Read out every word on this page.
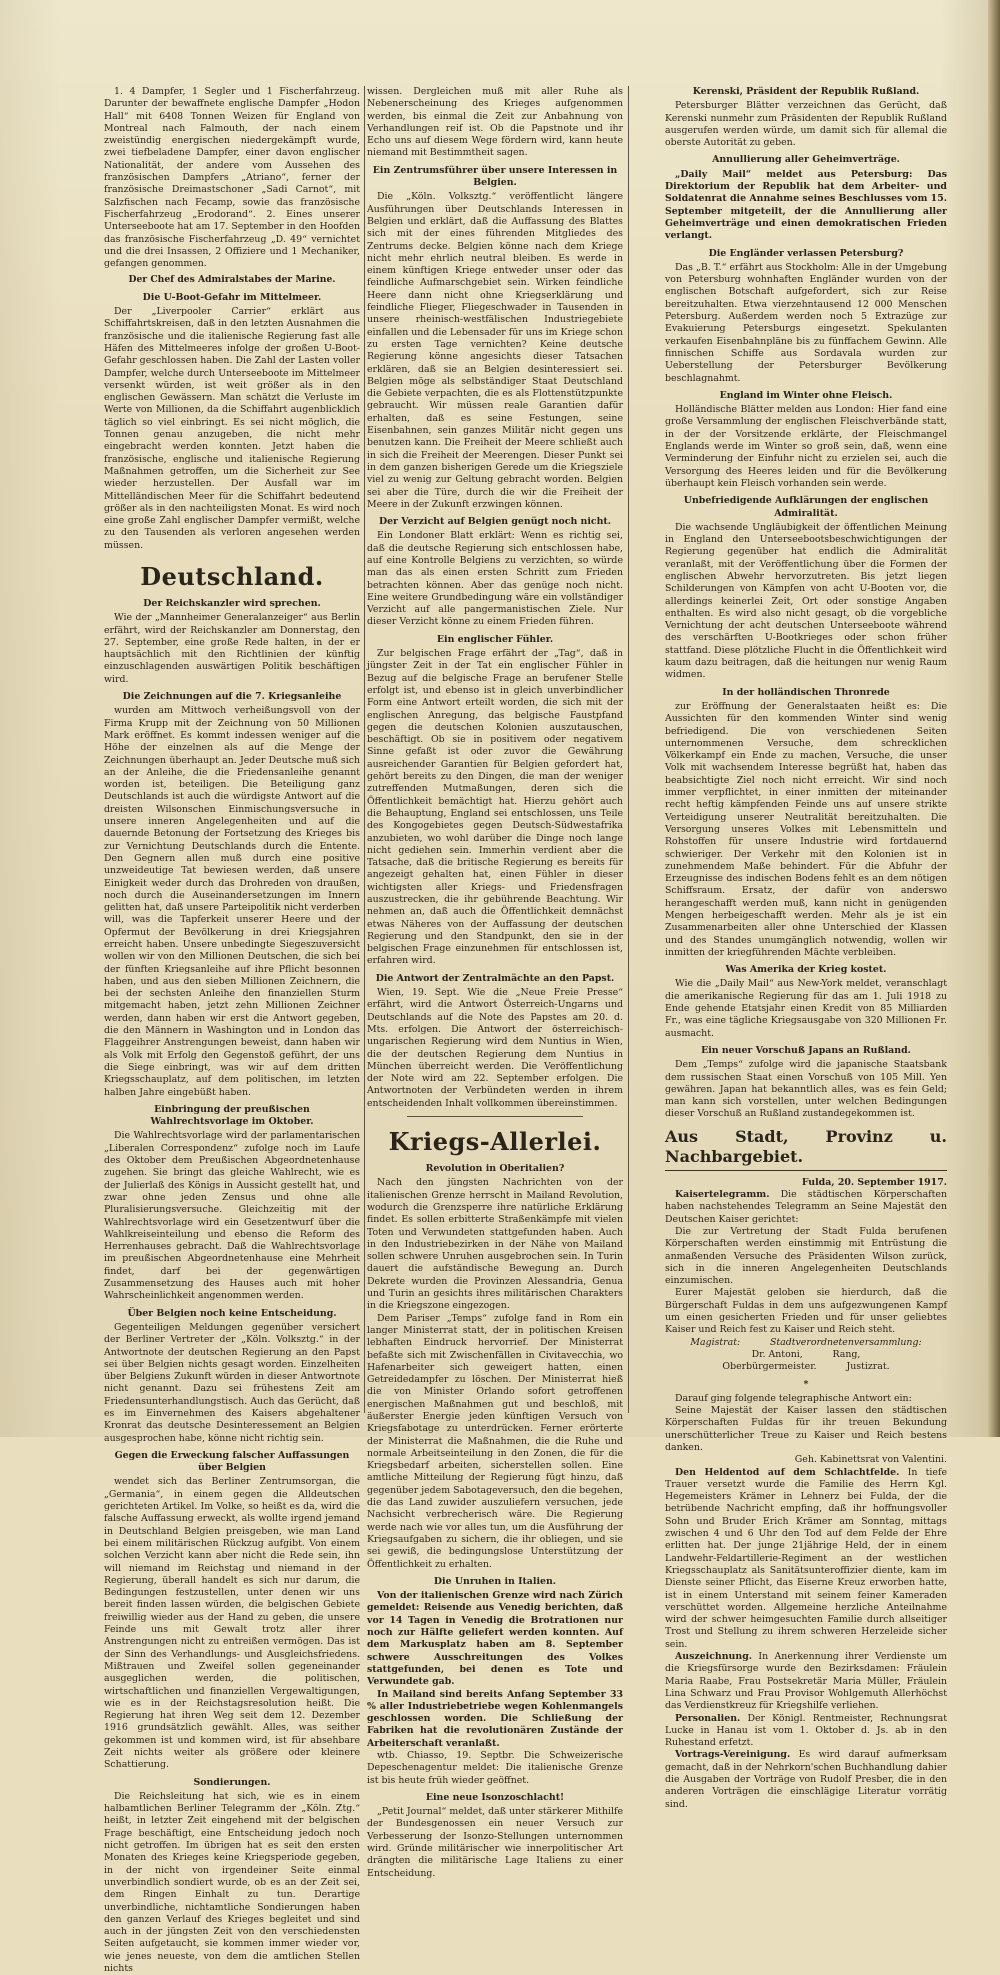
1. 4 Dampfer, 1 Segler und 1 Fischerfahrzeug. Darunter der bewaffnete englische Dampfer „Hodon Hall“ mit 6408 Tonnen Weizen für England von Montreal nach Falmouth, der nach einem zweistündig energischen niedergekämpft wurde, zwei tiefbeladene Dampfer, einer davon englischer Nationalität, der andere vom Aussehen des französischen Dampfers „Atriano“, ferner der französische Dreimastschoner „Sadi Carnot“, mit Salzfischen nach Fecamp, sowie das französische Fischerfahrzeug „Erodorand“. 2. Eines unserer Unterseeboote hat am 17. September in den Hoofden das französische Fischerfahrzeug „D. 49“ vernichtet und die drei Insassen, 2 Offiziere und 1 Mechaniker, gefangen genommen.

Der Chef des Admiralstabes der Marine.
Die U-Boot-Gefahr im Mittelmeer.

Der „Liverpooler Carrier“ erklärt aus Schiffahrtskreisen, daß in den letzten Ausnahmen die französische und die italienische Regierung fast alle Häfen des Mittelmeeres infolge der großen U-Boot-Gefahr geschlossen haben. Die Zahl der Lasten voller Dampfer, welche durch Unterseeboote im Mittelmeer versenkt würden, ist weit größer als in den englischen Gewässern. Man schätzt die Verluste im Werte von Millionen, da die Schiffahrt augenblicklich täglich so viel einbringt. Es sei nicht möglich, die Tonnen genau anzugeben, die nicht mehr eingebracht werden konnten. Jetzt haben die französische, englische und italienische Regierung Maßnahmen getroffen, um die Sicherheit zur See wieder herzustellen. Der Ausfall war im Mittelländischen Meer für die Schiffahrt bedeutend größer als in den nachteiligsten Monat. Es wird noch eine große Zahl englischer Dampfer vermißt, welche zu den Tausenden als verloren angesehen werden müssen.

Deutschland.
Der Reichskanzler wird sprechen.

Wie der „Mannheimer Generalanzeiger“ aus Berlin erfährt, wird der Reichskanzler am Donnerstag, den 27. September, eine große Rede halten, in der er hauptsächlich mit den Richtlinien der künftig einzuschlagenden auswärtigen Politik beschäftigen wird.

Die Zeichnungen auf die 7. Kriegsanleihe

wurden am Mittwoch verheißungsvoll von der Firma Krupp mit der Zeichnung von 50 Millionen Mark eröffnet. Es kommt indessen weniger auf die Höhe der einzelnen als auf die Menge der Zeichnungen überhaupt an. Jeder Deutsche muß sich an der Anleihe, die die Friedensanleihe genannt worden ist, beteiligen. Die Beteiligung ganz Deutschlands ist auch die würdigste Antwort auf die dreisten Wilsonschen Einmischungsversuche in unsere inneren Angelegenheiten und auf die dauernde Betonung der Fortsetzung des Krieges bis zur Vernichtung Deutschlands durch die Entente. Den Gegnern allen muß durch eine positive unzweideutige Tat bewiesen werden, daß unsere Einigkeit weder durch das Drohreden von draußen, noch durch die Auseinandersetzungen im Innern gelitten hat, daß unsere Parteipolitik nicht verderben will, was die Tapferkeit unserer Heere und der Opfermut der Bevölkerung in drei Kriegsjahren erreicht haben. Unsere unbedingte Siegeszuversicht wollen wir von den Millionen Deutschen, die sich bei der fünften Kriegsanleihe auf ihre Pflicht besonnen haben, und aus den sieben Millionen Zeichnern, die bei der sechsten Anleihe den finanziellen Sturm mitgemacht haben, jetzt zehn Millionen Zeichner werden, dann haben wir erst die Antwort gegeben, die den Männern in Washington und in London das Flaggeihrer Anstrengungen beweist, dann haben wir als Volk mit Erfolg den Gegenstoß geführt, der uns die Siege einbringt, was wir auf dem dritten Kriegsschauplatz, auf dem politischen, im letzten halben Jahre eingebüßt haben.

Einbringung der preußischen Wahlrechtsvorlage im Oktober.

Die Wahlrechtsvorlage wird der parlamentarischen „Liberalen Correspondenz“ zufolge noch im Laufe des Oktober dem Preußischen Abgeordnetenhause zugehen. Sie bringt das gleiche Wahlrecht, wie es der Julierlaß des Königs in Aussicht gestellt hat, und zwar ohne jeden Zensus und ohne alle Pluralisierungsversuche. Gleichzeitig mit der Wahlrechtsvorlage wird ein Gesetzentwurf über die Wahlkreiseinteilung und ebenso die Reform des Herrenhauses gebracht. Daß die Wahlrechtsvorlage im preußischen Abgeordnetenhause eine Mehrheit findet, darf bei der gegenwärtigen Zusammensetzung des Hauses auch mit hoher Wahrscheinlichkeit angenommen werden.

Über Belgien noch keine Entscheidung.

Gegenteiligen Meldungen gegenüber versichert der Berliner Vertreter der „Köln. Volksztg.“ in der Antwortnote der deutschen Regierung an den Papst sei über Belgien nichts gesagt worden. Einzelheiten über Belgiens Zukunft würden in dieser Antwortnote nicht genannt. Dazu sei frühestens Zeit am Friedensunterhandlungstisch. Auch das Gerücht, daß es im Einvernehmen des Kaisers abgehaltener Kronrat das deutsche Desinteressement an Belgien ausgesprochen habe, könne nicht richtig sein.

Gegen die Erweckung falscher Auffassungen über Belgien

wendet sich das Berliner Zentrumsorgan, die „Germania“, in einem gegen die Alldeutschen gerichteten Artikel. Im Volke, so heißt es da, wird die falsche Auffassung erweckt, als wollte irgend jemand in Deutschland Belgien preisgeben, wie man Land bei einem militärischen Rückzug aufgibt. Von einem solchen Verzicht kann aber nicht die Rede sein, ihn will niemand im Reichstag und niemand in der Regierung, überall handelt es sich nur darum, die Bedingungen festzustellen, unter denen wir uns bereit finden lassen würden, die belgischen Gebiete freiwillig wieder aus der Hand zu geben, die unsere Feinde uns mit Gewalt trotz aller ihrer Anstrengungen nicht zu entreißen vermögen. Das ist der Sinn des Verhandlungs- und Ausgleichsfriedens. Mißtrauen und Zweifel sollen gegeneinander ausgeglichen werden, die politischen, wirtschaftlichen und finanziellen Vergewaltigungen, wie es in der Reichstagsresolution heißt. Die Regierung hat ihren Weg seit dem 12. Dezember 1916 grundsätzlich gewählt. Alles, was seither gekommen ist und kommen wird, ist für absehbare Zeit nichts weiter als größere oder kleinere Schattierung.

Sondierungen.

Die Reichsleitung hat sich, wie es in einem halbamtlichen Berliner Telegramm der „Köln. Ztg.“ heißt, in letzter Zeit eingehend mit der belgischen Frage beschäftigt, eine Entscheidung jedoch noch nicht getroffen. Im übrigen hat es seit den ersten Monaten des Krieges keine Kriegsperiode gegeben, in der nicht von irgendeiner Seite einmal unverbindlich sondiert wurde, ob es an der Zeit sei, dem Ringen Einhalt zu tun. Derartige unverbindliche, nichtamtliche Sondierungen haben den ganzen Verlauf des Krieges begleitet und sind auch in der jüngsten Zeit von den verschiedensten Seiten aufgetaucht, sie kommen immer wieder vor, wie jenes neueste, von dem die amtlichen Stellen nichts

wissen. Dergleichen muß mit aller Ruhe als Nebenerscheinung des Krieges aufgenommen werden, bis einmal die Zeit zur Anbahnung von Verhandlungen reif ist. Ob die Papstnote und ihr Echo uns auf diesem Wege fördern wird, kann heute niemand mit Bestimmtheit sagen.

Ein Zentrumsführer über unsere Interessen in Belgien.

Die „Köln. Volksztg.“ veröffentlicht längere Ausführungen über Deutschlands Interessen in Belgien und erklärt, daß die Auffassung des Blattes sich mit der eines führenden Mitgliedes des Zentrums decke. Belgien könne nach dem Kriege nicht mehr ehrlich neutral bleiben. Es werde in einem künftigen Kriege entweder unser oder das feindliche Aufmarschgebiet sein. Wirken feindliche Heere dann nicht ohne Kriegserklärung und feindliche Flieger, Fliegeschwader in Tausenden in unsere rheinisch-westfälischen Industriegebiete einfallen und die Lebensader für uns im Kriege schon zu ersten Tage vernichten? Keine deutsche Regierung könne angesichts dieser Tatsachen erklären, daß sie an Belgien desinteressiert sei. Belgien möge als selbständiger Staat Deutschland die Gebiete verpachten, die es als Flottenstützpunkte gebraucht. Wir müssen reale Garantien dafür erhalten, daß es seine Festungen, seine Eisenbahnen, sein ganzes Militär nicht gegen uns benutzen kann. Die Freiheit der Meere schließt auch in sich die Freiheit der Meerengen. Dieser Punkt sei in dem ganzen bisherigen Gerede um die Kriegsziele viel zu wenig zur Geltung gebracht worden. Belgien sei aber die Türe, durch die wir die Freiheit der Meere in der Zukunft erzwingen können.

Der Verzicht auf Belgien genügt noch nicht.

Ein Londoner Blatt erklärt: Wenn es richtig sei, daß die deutsche Regierung sich entschlossen habe, auf eine Kontrolle Belgiens zu verzichten, so würde man das als einen ersten Schritt zum Frieden betrachten können. Aber das genüge noch nicht. Eine weitere Grundbedingung wäre ein vollständiger Verzicht auf alle pangermanistischen Ziele. Nur dieser Verzicht könne zu einem Frieden führen.

Ein englischer Fühler.

Zur belgischen Frage erfährt der „Tag“, daß in jüngster Zeit in der Tat ein englischer Fühler in Bezug auf die belgische Frage an berufener Stelle erfolgt ist, und ebenso ist in gleich unverbindlicher Form eine Antwort erteilt worden, die sich mit der englischen Anregung, das belgische Faustpfand gegen die deutschen Kolonien auszutauschen, beschäftigt. Ob sie in positivem oder negativem Sinne gefaßt ist oder zuvor die Gewährung ausreichender Garantien für Belgien gefordert hat, gehört bereits zu den Dingen, die man der weniger zutreffenden Mutmaßungen, deren sich die Öffentlichkeit bemächtigt hat. Hierzu gehört auch die Behauptung, England sei entschlossen, uns Teile des Kongogebietes gegen Deutsch-Südwestafrika anzubieten, wo wohl darüber die Dinge noch lange nicht gediehen sein. Immerhin verdient aber die Tatsache, daß die britische Regierung es bereits für angezeigt gehalten hat, einen Fühler in dieser wichtigsten aller Kriegs- und Friedensfragen auszustrecken, die ihr gebührende Beachtung. Wir nehmen an, daß auch die Öffentlichkeit demnächst etwas Näheres von der Auffassung der deutschen Regierung und den Standpunkt, den sie in der belgischen Frage einzunehmen für entschlossen ist, erfahren wird.

Die Antwort der Zentralmächte an den Papst.

Wien, 19. Sept. Wie die „Neue Freie Presse“ erfährt, wird die Antwort Österreich-Ungarns und Deutschlands auf die Note des Papstes am 20. d. Mts. erfolgen. Die Antwort der österreichisch-ungarischen Regierung wird dem Nuntius in Wien, die der deutschen Regierung dem Nuntius in München überreicht werden. Die Veröffentlichung der Note wird am 22. September erfolgen. Die Antwortnoten der Verbündeten werden in ihrem entscheidenden Inhalt vollkommen übereinstimmen.

Kriegs-Allerlei.
Revolution in Oberitalien?

Nach den jüngsten Nachrichten von der italienischen Grenze herrscht in Mailand Revolution, wodurch die Grenzsperre ihre natürliche Erklärung findet. Es sollen erbitterte Straßenkämpfe mit vielen Toten und Verwundeten stattgefunden haben. Auch in den Industriebezirken in der Nähe von Mailand sollen schwere Unruhen ausgebrochen sein. In Turin dauert die aufständische Bewegung an. Durch Dekrete wurden die Provinzen Alessandria, Genua und Turin an gesichts ihres militärischen Charakters in die Kriegszone eingezogen.

Dem Pariser „Temps“ zufolge fand in Rom ein langer Ministerrat statt, der in politischen Kreisen lebhaften Eindruck hervorrief. Der Ministerrat befaßte sich mit Zwischenfällen in Civitavecchia, wo Hafenarbeiter sich geweigert hatten, einen Getreidedampfer zu löschen. Der Ministerrat hieß die von Minister Orlando sofort getroffenen energischen Maßnahmen gut und beschloß, mit äußerster Energie jeden künftigen Versuch von Kriegsfabotage zu unterdrücken. Ferner erörterte der Ministerrat die Maßnahmen, die die Ruhe und normale Arbeitseinteilung in den Zonen, die für die Kriegsbedarf arbeiten, sicherstellen sollen. Eine amtliche Mitteilung der Regierung fügt hinzu, daß gegenüber jedem Sabotageversuch, den die begehen, die das Land zuwider auszuliefern versuchen, jede Nachsicht verbrecherisch wäre. Die Regierung werde nach wie vor alles tun, um die Ausführung der Kriegsaufgaben zu sichern, die ihr obliegen, und sie sei gewiß, die bedingungslose Unterstützung der Öffentlichkeit zu erhalten.

Die Unruhen in Italien.

Von der italienischen Grenze wird nach Zürich gemeldet: Reisende aus Venedig berichten, daß vor 14 Tagen in Venedig die Brotrationen nur noch zur Hälfte geliefert werden konnten. Auf dem Markusplatz haben am 8. September schwere Ausschreitungen des Volkes stattgefunden, bei denen es Tote und Verwundete gab.

In Mailand sind bereits Anfang September 33 % aller Industriebetriebe wegen Kohlenmangels geschlossen worden. Die Schließung der Fabriken hat die revolutionären Zustände der Arbeiterschaft veranlaßt.

wtb. Chiasso, 19. Septbr. Die Schweizerische Depeschenagentur meldet: Die italienische Grenze ist bis heute früh wieder geöffnet.

Eine neue Isonzoschlacht!

„Petit Journal“ meldet, daß unter stärkerer Mithilfe der Bundesgenossen ein neuer Versuch zur Verbesserung der Isonzo-Stellungen unternommen wird. Gründe militärischer wie innerpolitischer Art drängten die militärische Lage Italiens zu einer Entscheidung.

Kerenski, Präsident der Republik Rußland.

Petersburger Blätter verzeichnen das Gerücht, daß Kerenski nunmehr zum Präsidenten der Republik Rußland ausgerufen werden würde, um damit sich für allemal die oberste Autorität zu geben.

Annullierung aller Geheimverträge.

„Daily Mail“ meldet aus Petersburg: Das Direktorium der Republik hat dem Arbeiter- und Soldatenrat die Annahme seines Beschlusses vom 15. September mitgeteilt, der die Annullierung aller Geheimverträge und einen demokratischen Frieden verlangt.

Die Engländer verlassen Petersburg?

Das „B. T.“ erfährt aus Stockholm: Alle in der Umgebung von Petersburg wohnhaften Engländer wurden von der englischen Botschaft aufgefordert, sich zur Reise bereitzuhalten. Etwa vierzehntausend 12 000 Menschen Petersburg. Außerdem werden noch 5 Extrazüge zur Evakuierung Petersburgs eingesetzt. Spekulanten verkaufen Eisenbahnpläne bis zu fünffachem Gewinn. Alle finnischen Schiffe aus Sordavala wurden zur Ueberstellung der Petersburger Bevölkerung beschlagnahmt.

England im Winter ohne Fleisch.

Holländische Blätter melden aus London: Hier fand eine große Versammlung der englischen Fleischverbände statt, in der der Vorsitzende erklärte, der Fleischmangel Englands werde im Winter so groß sein, daß, wenn eine Verminderung der Einfuhr nicht zu erzielen sei, auch die Versorgung des Heeres leiden und für die Bevölkerung überhaupt kein Fleisch vorhanden sein werde.

Unbefriedigende Aufklärungen der englischen Admiralität.

Die wachsende Ungläubigkeit der öffentlichen Meinung in England den Unterseebootsbeschwichtigungen der Regierung gegenüber hat endlich die Admiralität veranlaßt, mit der Veröffentlichung über die Formen der englischen Abwehr hervorzutreten. Bis jetzt liegen Schilderungen von Kämpfen von acht U-Booten vor, die allerdings keinerlei Zeit, Ort oder sonstige Angaben enthalten. Es wird also nicht gesagt, ob die vorgebliche Vernichtung der acht deutschen Unterseeboote während des verschärften U-Bootkrieges oder schon früher stattfand. Diese plötzliche Flucht in die Öffentlichkeit wird kaum dazu beitragen, daß die heitungen nur wenig Raum widmen.

In der holländischen Thronrede

zur Eröffnung der Generalstaaten heißt es: Die Aussichten für den kommenden Winter sind wenig befriedigend. Die von verschiedenen Seiten unternommenen Versuche, dem schrecklichen Völkerkampf ein Ende zu machen, Versuche, die unser Volk mit wachsendem Interesse begrüßt hat, haben das beabsichtigte Ziel noch nicht erreicht. Wir sind noch immer verpflichtet, in einer inmitten der miteinander recht heftig kämpfenden Feinde uns auf unsere strikte Verteidigung unserer Neutralität bereitzuhalten. Die Versorgung unseres Volkes mit Lebensmitteln und Rohstoffen für unsere Industrie wird fortdauernd schwieriger. Der Verkehr mit den Kolonien ist in zunehmendem Maße behindert. Für die Abfuhr der Erzeugnisse des indischen Bodens fehlt es an dem nötigen Schiffsraum. Ersatz, der dafür von anderswo herangeschafft werden muß, kann nicht in genügenden Mengen herbeigeschafft werden. Mehr als je ist ein Zusammenarbeiten aller ohne Unterschied der Klassen und des Standes unumgänglich notwendig, wollen wir inmitten der kriegführenden Mächte verbleiben.

Was Amerika der Krieg kostet.

Wie die „Daily Mail“ aus New-York meldet, veranschlagt die amerikanische Regierung für das am 1. Juli 1918 zu Ende gehende Etatsjahr einen Kredit von 85 Milliarden Fr., was eine tägliche Kriegsausgabe von 320 Millionen Fr. ausmacht.

Ein neuer Vorschuß Japans an Rußland.

Dem „Temps“ zufolge wird die japanische Staatsbank dem russischen Staat einen Vorschuß von 105 Mill. Yen gewähren. Japan hat bekanntlich alles, was es fein Geld; man kann sich vorstellen, unter welchen Bedingungen dieser Vorschuß an Rußland zustandegekommen ist.

Aus Stadt, Provinz u. Nachbargebiet.
Fulda, 20. September 1917.

Kaisertelegramm. Die städtischen Körperschaften haben nachstehendes Telegramm an Seine Majestät den Deutschen Kaiser gerichtet:

Die zur Vertretung der Stadt Fulda berufenen Körperschaften werden einstimmig mit Entrüstung die anmaßenden Versuche des Präsidenten Wilson zurück, sich in die inneren Angelegenheiten Deutschlands einzumischen.

Eurer Majestät geloben sie hierdurch, daß die Bürgerschaft Fuldas in dem uns aufgezwungenen Kampf um einen gesicherten Frieden und für unser geliebtes Kaiser und Reich fest zu Kaiser und Reich steht.

Magistrat:          Stadtverordnetenversammlung:
Dr. Antoni,          Rang,
Oberbürgermeister.          Justizrat.
*

Darauf ging folgende telegraphische Antwort ein:

Seine Majestät der Kaiser lassen den städtischen Körperschaften Fuldas für ihr treuen Bekundung unerschütterlicher Treue zu Kaiser und Reich bestens danken.

Geh. Kabinettsrat von Valentini.

Den Heldentod auf dem Schlachtfelde. In tiefe Trauer versetzt wurde die Familie des Herrn Kgl. Hegemeisters Krämer in Lehnerz bei Fulda, der die betrübende Nachricht empfing, daß ihr hoffnungsvoller Sohn und Bruder Erich Krämer am Sonntag, mittags zwischen 4 und 6 Uhr den Tod auf dem Felde der Ehre erlitten hat. Der junge 21jährige Held, der in einem Landwehr-Feldartillerie-Regiment an der westlichen Kriegsschauplatz als Sanitätsunteroffizier diente, kam im Dienste seiner Pflicht, das Eiserne Kreuz erworben hatte, ist in einem Unterstand mit seinem feiner Kameraden verschüttet worden. Allgemeine herzliche Anteilnahme wird der schwer heimgesuchten Familie durch allseitiger Trost und Stellung zu ihrem schweren Herzeleide sicher sein.

Auszeichnung. In Anerkennung ihrer Verdienste um die Kriegsfürsorge wurde den Bezirksdamen: Fräulein Maria Raabe, Frau Postsekretär Maria Müller, Fräulein Lina Schwarz und Frau Provisor Wohlgemuth Allerhöchst das Verdienstkreuz für Kriegshilfe verliehen.

Personalien. Der Königl. Rentmeister, Rechnungsrat Lucke in Hanau ist vom 1. Oktober d. Js. ab in den Ruhestand erfetzt.

Vortrags-Vereinigung. Es wird darauf aufmerksam gemacht, daß in der Nehrkorn'schen Buchhandlung dahier die Ausgaben der Vorträge von Rudolf Presber, die in den anderen Vorträgen die einschlägige Literatur vorrätig sind.
